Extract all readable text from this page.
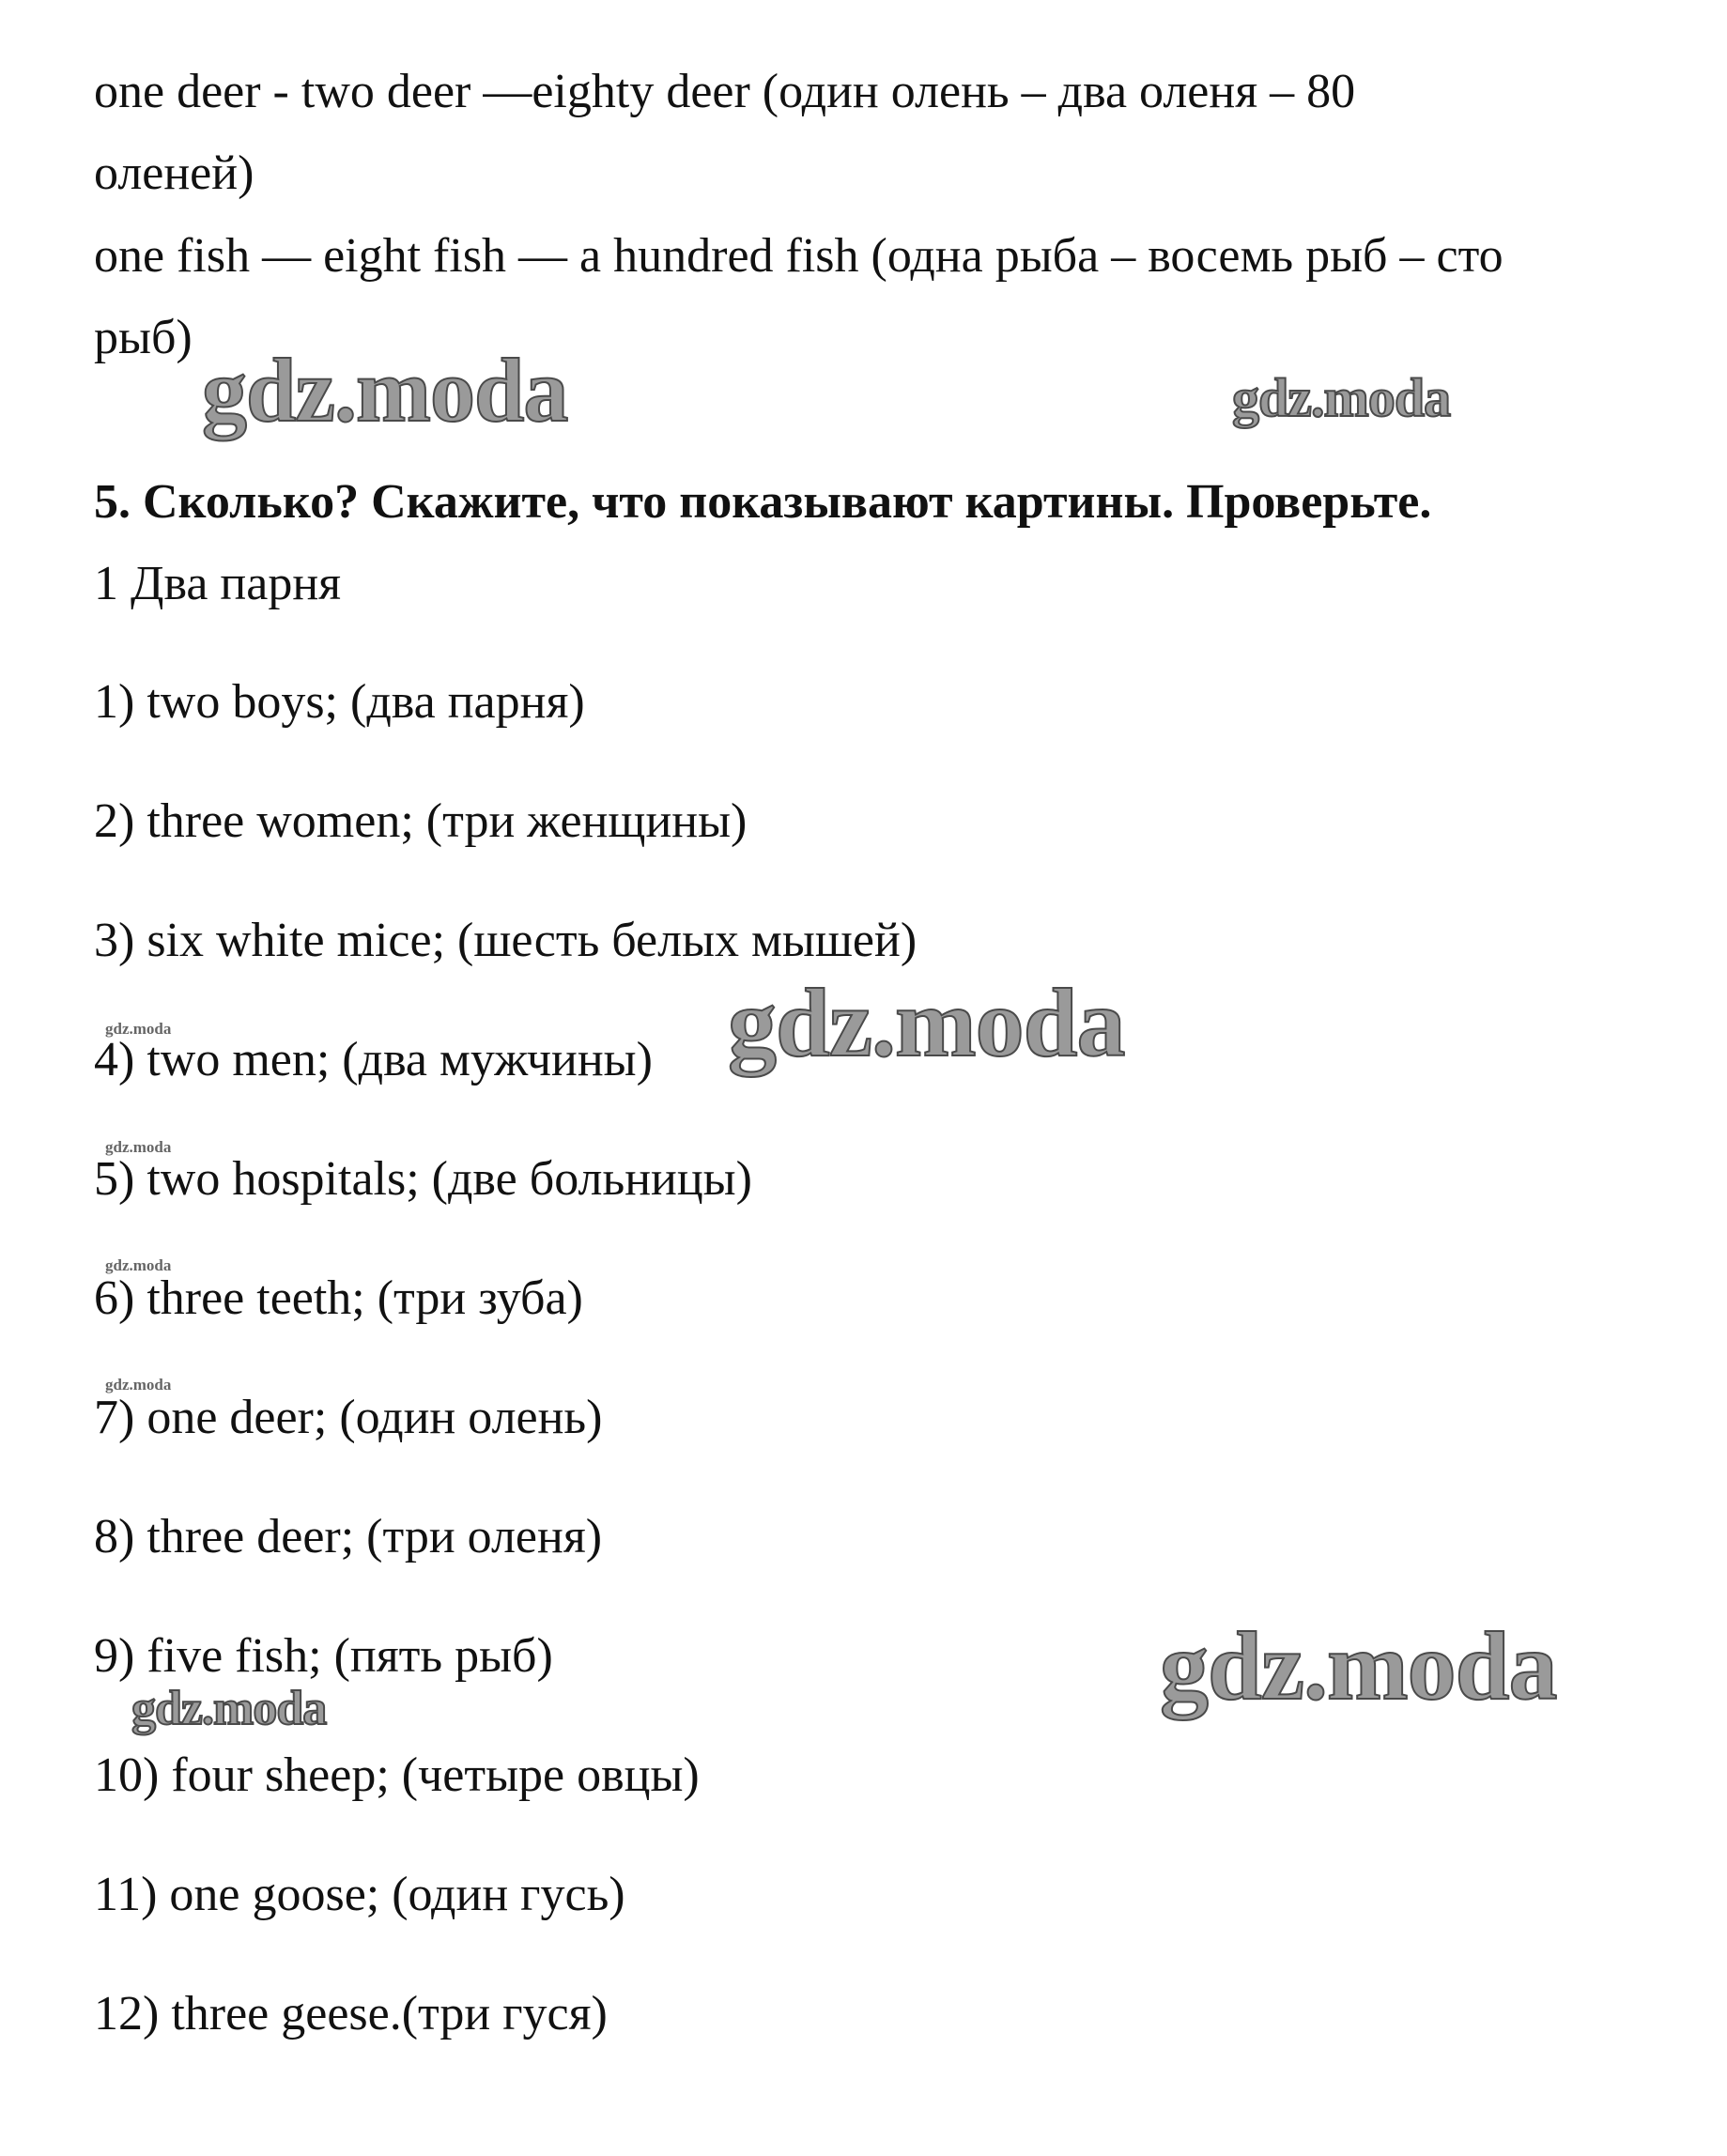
one deer - two deer —eighty deer (один олень – два оленя – 80
оленей)
one fish — eight fish — a hundred fish (одна рыба – восемь рыб – сто
рыб)
5. Сколько? Скажите, что показывают картины. Проверьте.
1 Два парня
1) two boys; (два парня)
2) three women; (три женщины)
3) six white mice; (шесть белых мышей)
4) two men; (два мужчины)
5) two hospitals; (две больницы)
6) three teeth; (три зуба)
7) one deer; (один олень)
8) three deer; (три оленя)
9) five fish; (пять рыб)
10) four sheep; (четыре овцы)
11) one goose; (один гусь)
12) three geese.(три гуся)
gdz.moda	gdz.moda
gdz.moda
gdz.moda
gdz.moda
gdz.moda
gdz.moda
gdz.moda
gdz.moda
